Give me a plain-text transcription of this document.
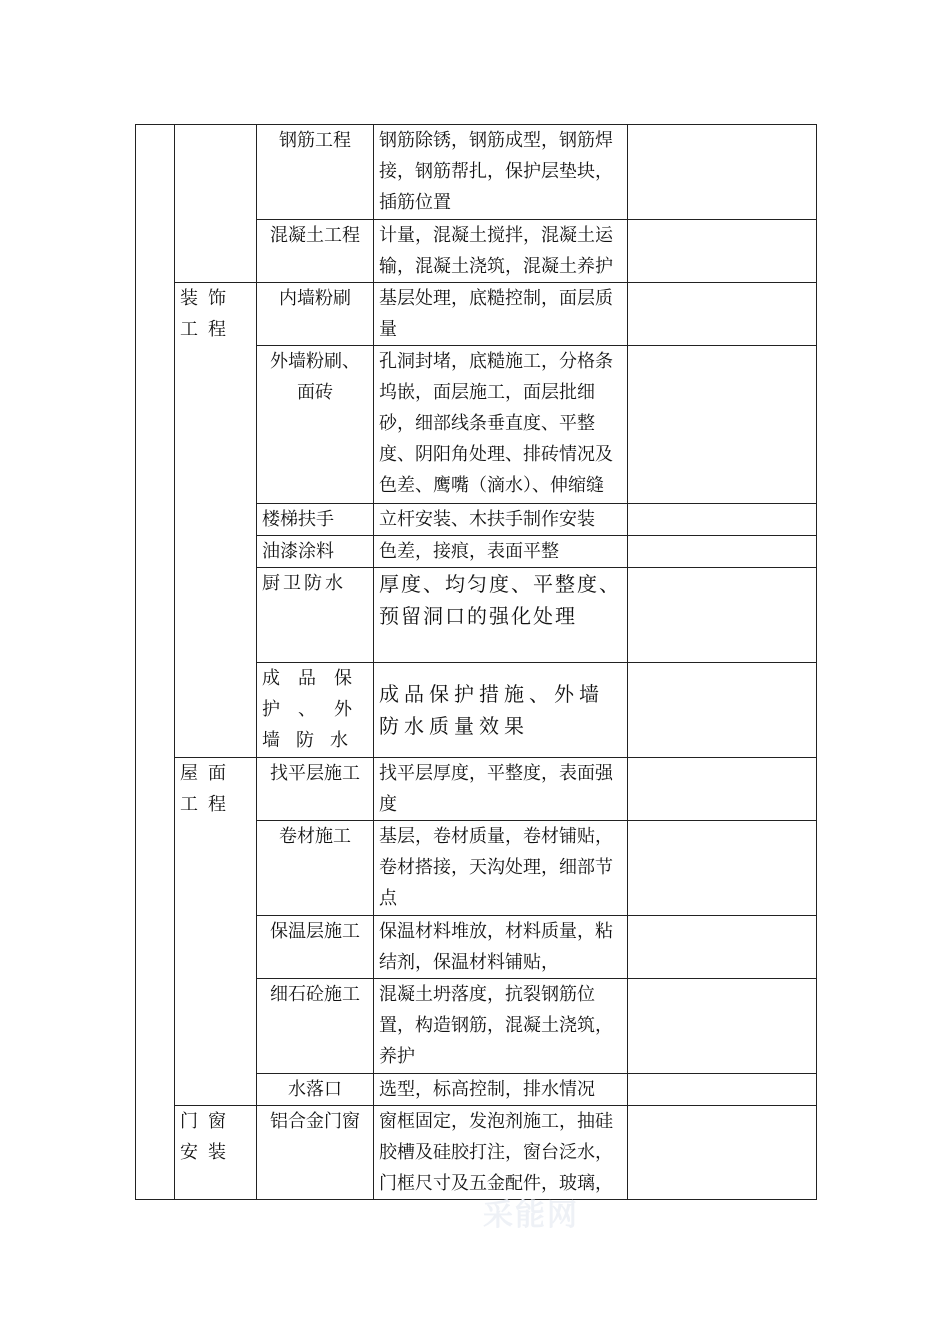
		钢筋工程	钢筋除锈，钢筋成型，钢筋焊接，钢筋帮扎，保护层垫块，插筋位置	
		混凝土工程	计量，混凝土搅拌，混凝土运输，混凝土浇筑，混凝土养护	
	装饰工程	内墙粉刷	基层处理，底糙控制，面层质量	
		外墙粉刷、面砖	孔洞封堵，底糙施工，分格条坞嵌，面层施工，面层批细砂，细部线条垂直度、平整度、阴阳角处理、排砖情况及色差、鹰嘴（滴水）、伸缩缝	
		楼梯扶手	立杆安装、木扶手制作安装	
		油漆涂料	色差，接痕，表面平整	
		厨卫防水	厚度、均匀度、平整度、预留洞口的强化处理	
		成品保护、外墙防水	成品保护措施、外墙防水质量效果	
	屋面工程	找平层施工	找平层厚度，平整度，表面强度	
		卷材施工	基层，卷材质量，卷材铺贴，卷材搭接，天沟处理，细部节点	
		保温层施工	保温材料堆放，材料质量，粘结剂，保温材料铺贴，	
		细石砼施工	混凝土坍落度，抗裂钢筋位置，构造钢筋，混凝土浇筑，养护	
		水落口	选型，标高控制，排水情况	
	门窗安装	铝合金门窗	窗框固定，发泡剂施工，抽硅胶槽及硅胶打注，窗台泛水，门框尺寸及五金配件，玻璃，	
采能网
